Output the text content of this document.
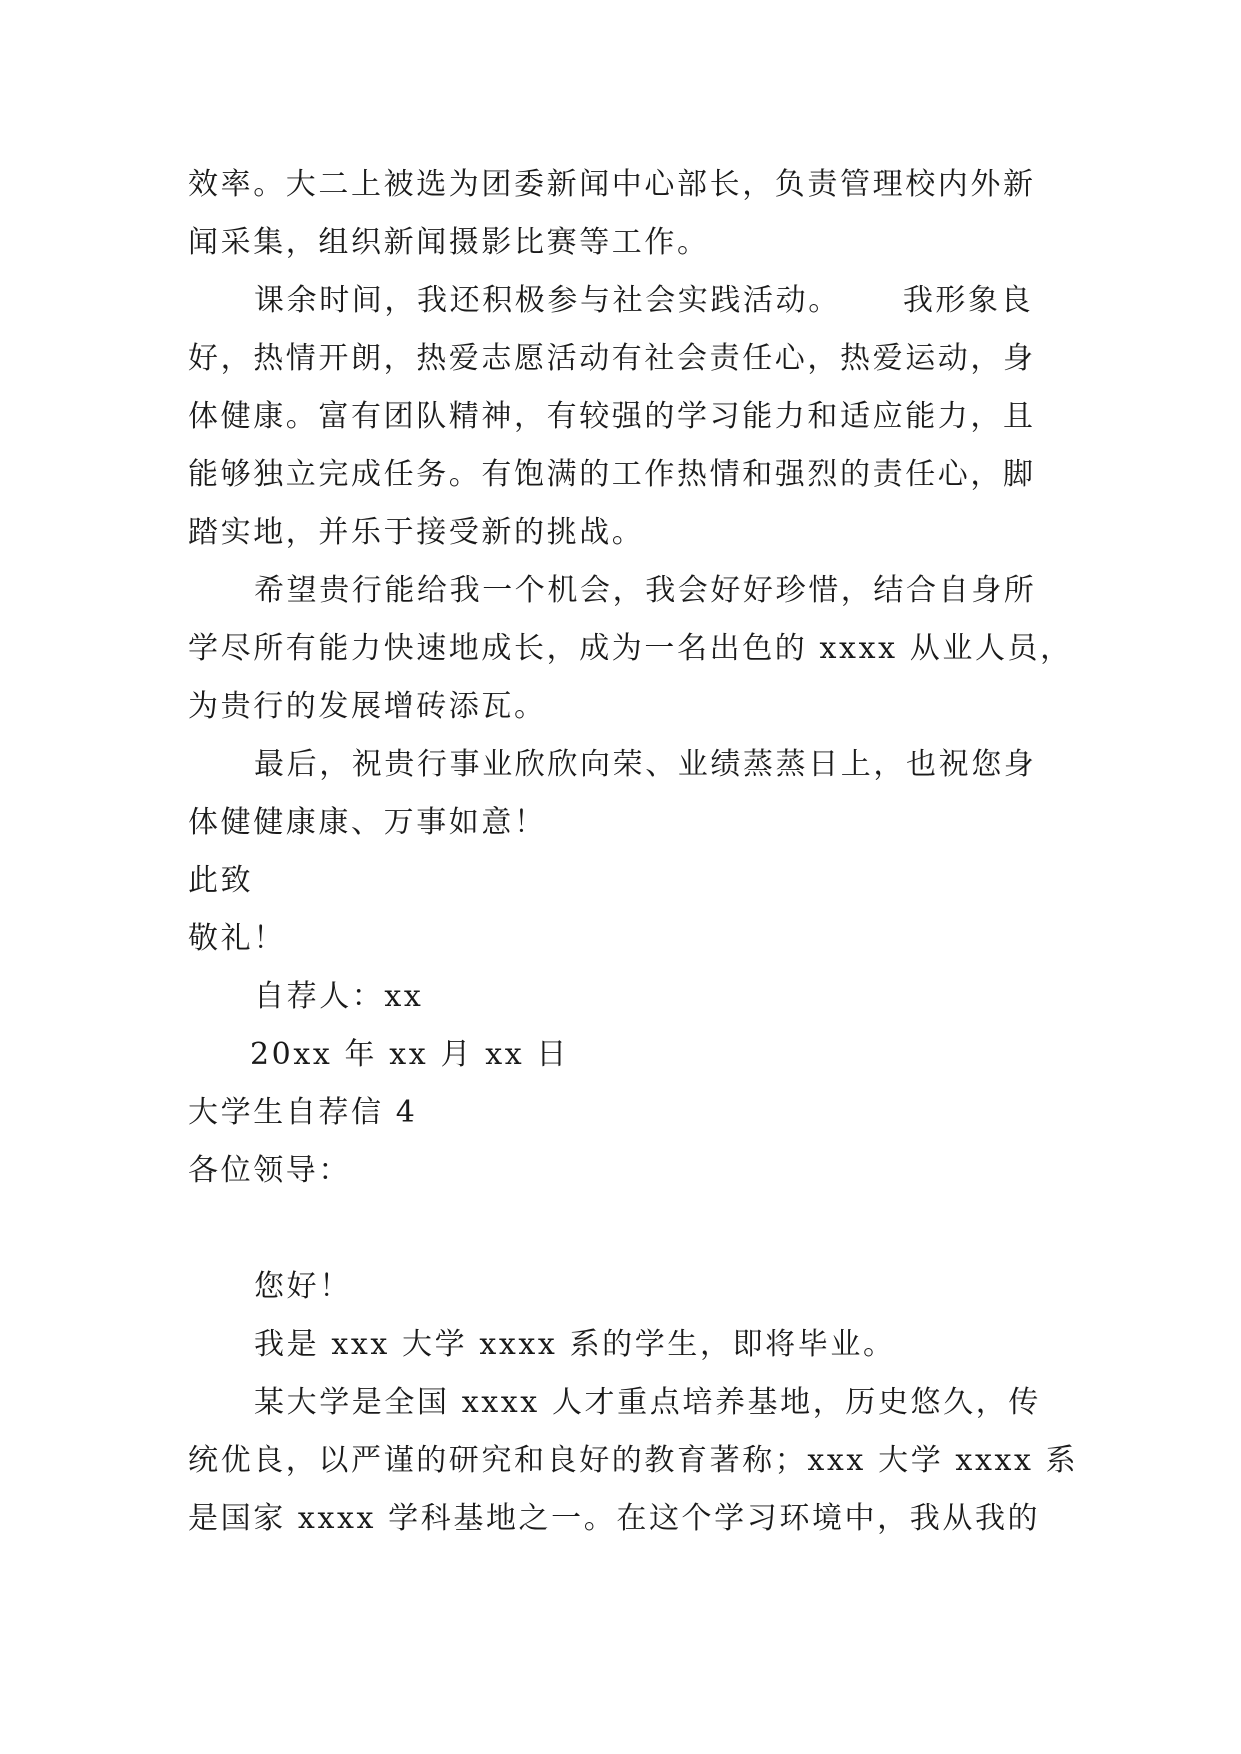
效率。大二上被选为团委新闻中心部长，负责管理校内外新
闻采集，组织新闻摄影比赛等工作。
课余时间，我还积极参与社会实践活动。 我形象良
好，热情开朗，热爱志愿活动有社会责任心，热爱运动，身
体健康。富有团队精神，有较强的学习能力和适应能力，且
能够独立完成任务。有饱满的工作热情和强烈的责任心，脚
踏实地，并乐于接受新的挑战。
希望贵行能给我一个机会，我会好好珍惜，结合自身所
学尽所有能力快速地成长，成为一名出色的 xxxx 从业人员，
为贵行的发展增砖添瓦。
最后，祝贵行事业欣欣向荣、业绩蒸蒸日上，也祝您身
体健健康康、万事如意！
此致
敬礼！
自荐人：xx
20xx 年 xx 月 xx 日
大学生自荐信 4
各位领导：
您好！
我是 xxx 大学 xxxx 系的学生，即将毕业。
某大学是全国 xxxx 人才重点培养基地，历史悠久，传
统优良，以严谨的研究和良好的教育著称；xxx 大学 xxxx 系
是国家 xxxx 学科基地之一。在这个学习环境中，我从我的
